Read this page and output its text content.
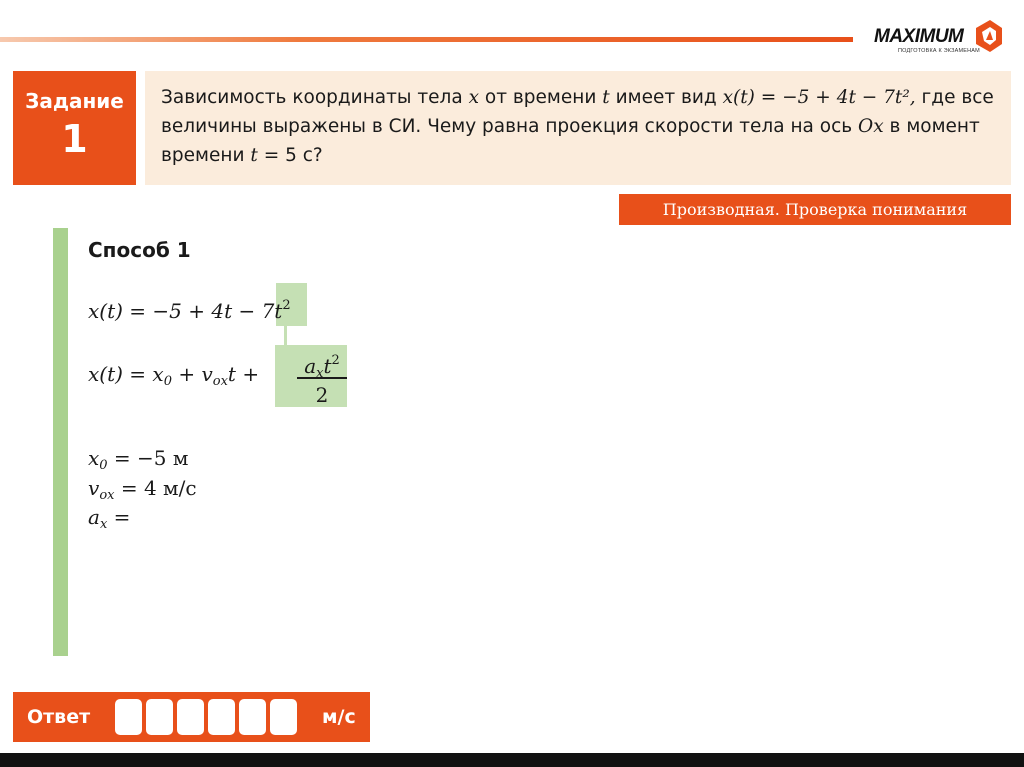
MAXIMUM
ПОДГОТОВКА К ЭКЗАМЕНАМ
Задание
1
Зависимость координаты тела x от времени t имеет вид x(t) = −5 + 4t − 7t², где все величины выражены в СИ. Чему равна проекция скорости тела на ось Ox в момент времени t = 5 с?
Производная. Проверка понимания
Способ 1
$x(t) = -5 + 4t - 7t^2$
$x(t) = x_0 + v_{ox}t$ +	$a_xt^2$
2
$x_0 = -5$ м
$v_{ox} = 4$ м/с
$a_x$ =
Ответ	м/с
